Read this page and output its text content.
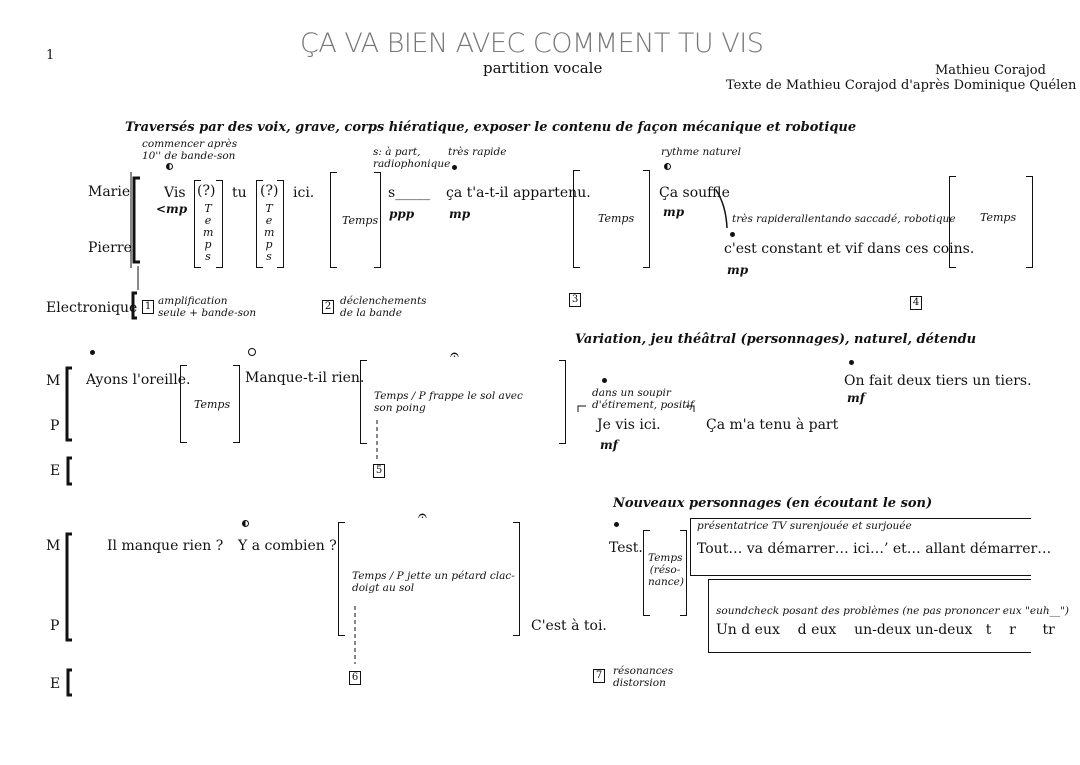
1	ÇA VA BIEN AVEC COMMENT TU VIS
partition vocale	Mathieu Corajod
Texte de Mathieu Corajod d'après Dominique Quélen
Traversés par des voix, grave, corps hiératique, exposer le contenu de façon mécanique et robotique
Marie
Pierre
Electronique
commencer après 10'' de bande-son
Vis
<mp
(?)
T
e
m
p
s
tu (?)
T
e
m
p
s
ici.
Temps
s: à part, radiophonique
très rapide
s_____
ppp
ça t'a-t-il appartenu.
mp	Temps
rythme naturel
Ça souffle
mp	très rapide rallentando saccadé, robotique
c'est constant et vif dans ces coins.
mp
Temps
1 amplification seule + bande-son
2 déclenchements de la bande
3	4
Variation, jeu théâtral (personnages), naturel, détendu
M
P
E
Ayons l'oreille.
Temps
Manque-t-il rien.
𝄐
Temps / P frappe le sol avec son poing
5
dans un soupir d'étirement, positif
Je vis ici.
mf
Ça m'a tenu à part
On fait deux tiers un tiers.
mf
Nouveaux personnages (en écoutant le son)
M
P
E
Il manque rien ? Y a combien ?
𝄐
Temps / P jette un pétard clac-doigt au sol
C'est à toi.
6
Test.
Temps (réso-nance)
présentatrice TV surenjouée et surjouée
Tout… va démarrer… ici…’ et… allant démarrer…
soundcheck posant des problèmes (ne pas prononcer eux "euh__")
Un d eux    d eux    un-deux un-deux   t    r      tr
7 résonances distorsion
